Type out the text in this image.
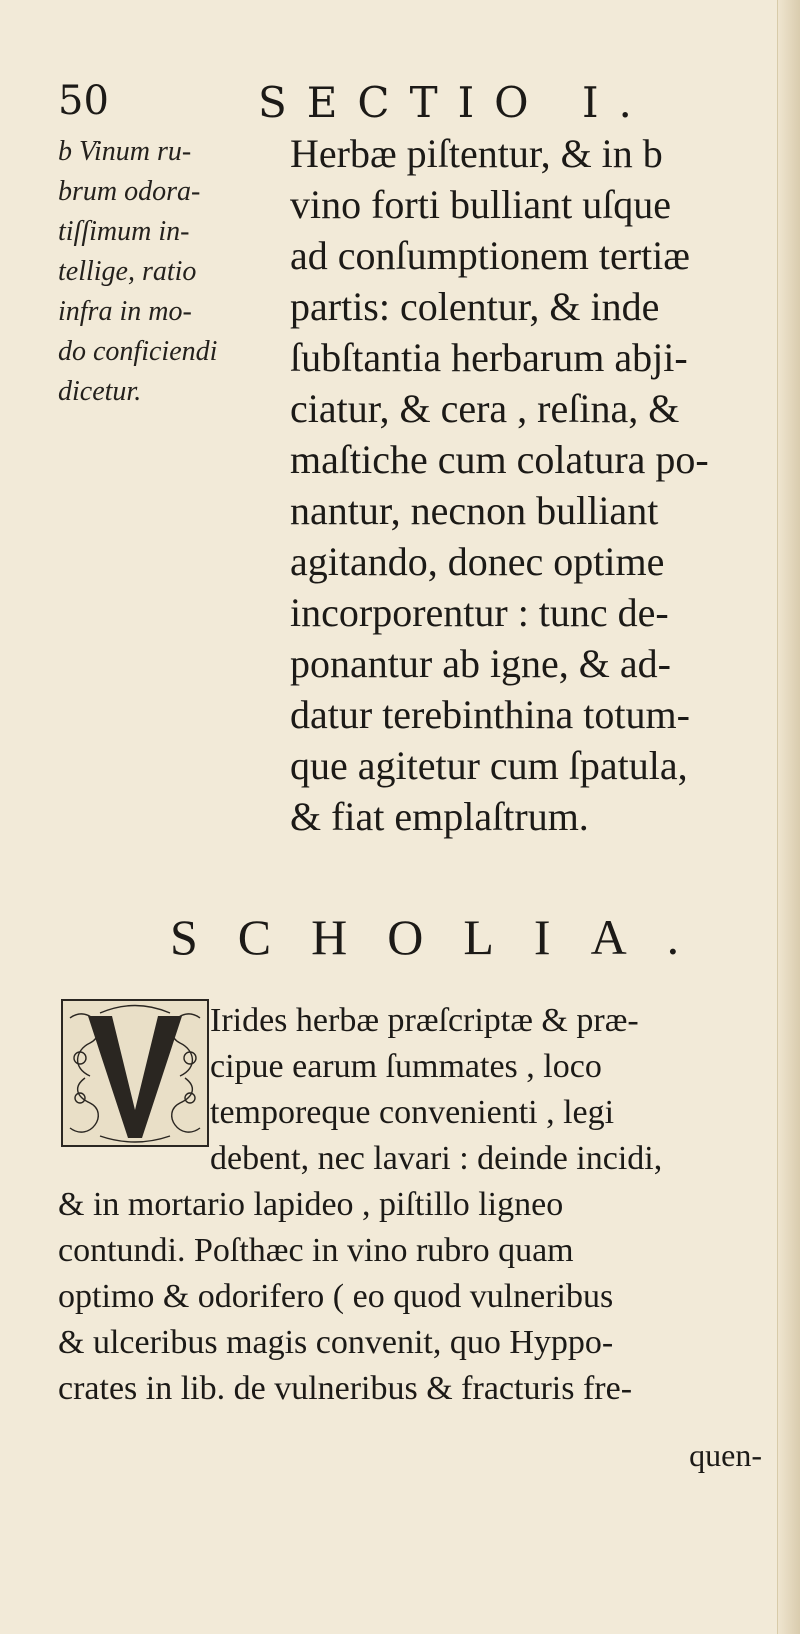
50	SECTIO I.
b Vinum ru-
brum odora-
tiſſimum in-
tellige, ratio
infra in mo-
do conficiendi
dicetur.
Herbæ piſtentur, & in b
vino forti bulliant uſque
ad conſumptionem tertiæ
partis: colentur, & inde
ſubſtantia herbarum abji-
ciatur, & cera , reſina, &
maſtiche cum colatura po-
nantur, necnon bulliant
agitando, donec optime
incorporentur : tunc de-
ponantur ab igne, & ad-
datur terebinthina totum-
que agitetur cum ſpatula,
& fiat emplaſtrum.
SCHOLIA.
Irides herbæ præſcriptæ & præ-
cipue earum ſummates , loco
temporeque convenienti , legi
debent, nec lavari : deinde incidi,
& in mortario lapideo , piſtillo ligneo
contundi. Poſthæc in vino rubro quam
optimo & odorifero ( eo quod vulneribus
& ulceribus magis convenit, quo Hyppo-
crates in lib. de vulneribus & fracturis fre-
quen-
